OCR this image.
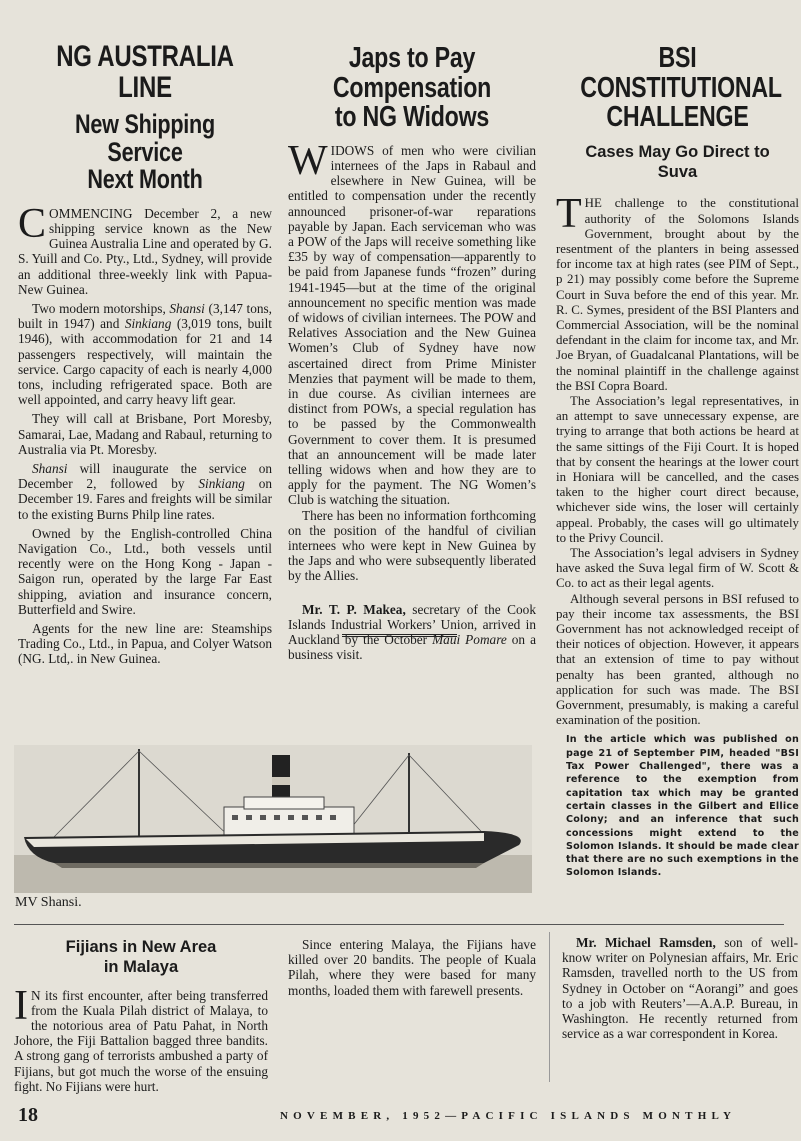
NG AUSTRALIA LINE
New Shipping Service
Next Month

COMMENCING December 2, a new shipping service known as the New Guinea Australia Line and operated by G. S. Yuill and Co. Pty., Ltd., Sydney, will provide an additional three-weekly link with Papua-New Guinea.

Two modern motorships, Shansi (3,147 tons, built in 1947) and Sinkiang (3,019 tons, built 1946), with accommodation for 21 and 14 passengers respectively, will maintain the service. Cargo capacity of each is nearly 4,000 tons, including refrigerated space. Both are well appointed, and carry heavy lift gear.

They will call at Brisbane, Port Moresby, Samarai, Lae, Madang and Rabaul, returning to Australia via Pt. Moresby.

Shansi will inaugurate the service on December 2, followed by Sinkiang on December 19. Fares and freights will be similar to the existing Burns Philp line rates.

Owned by the English-controlled China Navigation Co., Ltd., both vessels until recently were on the Hong Kong - Japan - Saigon run, operated by the large Far East shipping, aviation and insurance concern, Butterfield and Swire.

Agents for the new line are: Steamships Trading Co., Ltd., in Papua, and Colyer Watson (NG. Ltd,. in New Guinea.

Japs to Pay Compensation
to NG Widows

WIDOWS of men who were civilian internees of the Japs in Rabaul and elsewhere in New Guinea, will be entitled to compensation under the recently announced prisoner-of-war reparations payable by Japan. Each serviceman who was a POW of the Japs will receive something like £35 by way of compensation—apparently to be paid from Japanese funds “frozen” during 1941-1945—but at the time of the original announcement no specific mention was made of widows of civilian internees. The POW and Relatives Association and the New Guinea Women’s Club of Sydney have now ascertained direct from Prime Minister Menzies that payment will be made to them, in due course. As civilian internees are distinct from POWs, a special regulation has to be passed by the Commonwealth Government to cover them. It is presumed that an announcement will be made later telling widows when and how they are to apply for the payment. The NG Women’s Club is watching the situation.

There has been no information forthcoming on the position of the handful of civilian internees who were kept in New Guinea by the Japs and who were subsequently liberated by the Allies.

Mr. T. P. Makea, secretary of the Cook Islands Industrial Workers’ Union, arrived in Auckland by the October Maui Pomare on a business visit.

BSI CONSTITUTIONAL
CHALLENGE

Cases May Go Direct to

Suva

THE challenge to the constitutional authority of the Solomons Islands Government, brought about by the resentment of the planters in being assessed for income tax at high rates (see PIM of Sept., p 21) may possibly come before the Supreme Court in Suva before the end of this year. Mr. R. C. Symes, president of the BSI Planters and Commercial Association, will be the nominal defendant in the claim for income tax, and Mr. Joe Bryan, of Guadalcanal Plantations, will be the nominal plaintiff in the challenge against the BSI Copra Board.

The Association’s legal representatives, in an attempt to save unnecessary expense, are trying to arrange that both actions be heard at the same sittings of the Fiji Court. It is hoped that by consent the hearings at the lower court in Honiara will be cancelled, and the cases taken to the higher court direct because, whichever side wins, the loser will certainly appeal. Probably, the cases will go ultimately to the Privy Council.

The Association’s legal advisers in Sydney have asked the Suva legal firm of W. Scott & Co. to act as their legal agents.

Although several persons in BSI refused to pay their income tax assessments, the BSI Government has not acknowledged receipt of their notices of objection. However, it appears that an extension of time to pay without penalty has been granted, although no application for such was made. The BSI Government, presumably, is making a careful examination of the position.

In the article which was published on page 21 of September PIM, headed "BSI Tax Power Challenged", there was a reference to the exemption from capitation tax which may be granted certain classes in the Gilbert and Ellice Colony; and an inference that such concessions might extend to the Solomon Islands. It should be made clear that there are no such exemptions in the Solomon Islands.

MV Shansi.

Fijians in New Area

in Malaya

I N its first encounter, after being transferred from the Kuala Pilah district of Malaya, to the notorious area of Patu Pahat, in North Johore, the Fiji Battalion bagged three bandits. A strong gang of terrorists ambushed a party of Fijians, but got much the worse of the ensuing fight. No Fijians were hurt.

Since entering Malaya, the Fijians have killed over 20 bandits. The people of Kuala Pilah, where they were based for many months, loaded them with farewell presents.

Mr. Michael Ramsden, son of well-know writer on Polynesian affairs, Mr. Eric Ramsden, travelled north to the US from Sydney in October on “Aorangi” and goes to a job with Reuters’—A.A.P. Bureau, in Washington. He recently returned from service as a war correspondent in Korea.

18	NOVEMBER, 1952—PACIFIC ISLANDS MONTHLY
